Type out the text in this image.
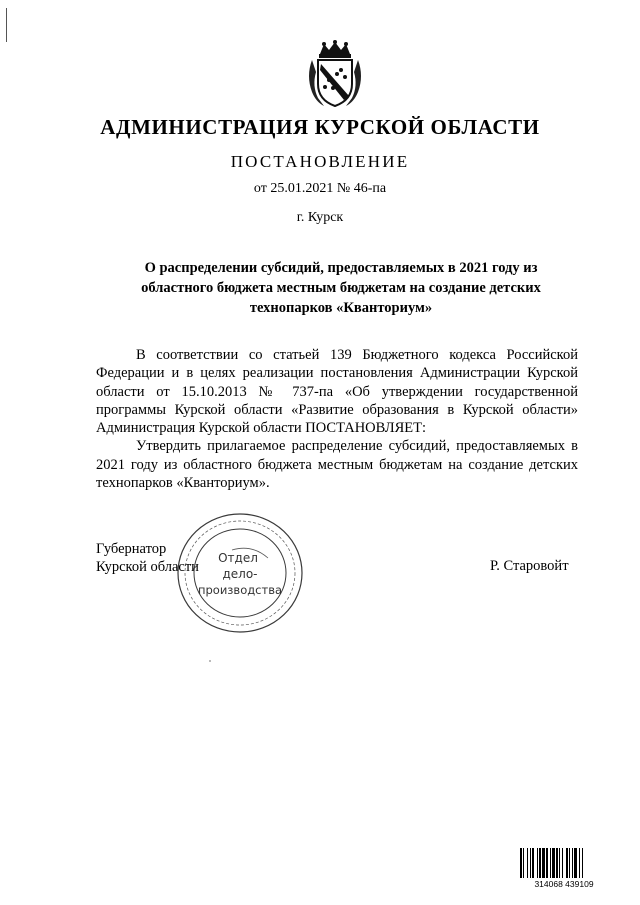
АДМИНИСТРАЦИЯ КУРСКОЙ ОБЛАСТИ
ПОСТАНОВЛЕНИЕ
от 25.01.2021 № 46-па
г. Курск
О распределении субсидий, предоставляемых в 2021 году из областного бюджета местным бюджетам на создание детских технопарков «Кванториум»

В соответствии со статьей 139 Бюджетного кодекса Российской Федерации и в целях реализации постановления Администрации Курской области от 15.10.2013 № 737-па «Об утверждении государственной программы Курской области «Развитие образования в Курской области» Администрация Курской области ПОСТАНОВЛЯЕТ:

Утвердить прилагаемое распределение субсидий, предоставляемых в 2021 году из областного бюджета местным бюджетам на создание детских технопарков «Кванториум».

Губернатор
Курской области	Р. Старовойт
Отдел
дело-
производства
314068 439109
